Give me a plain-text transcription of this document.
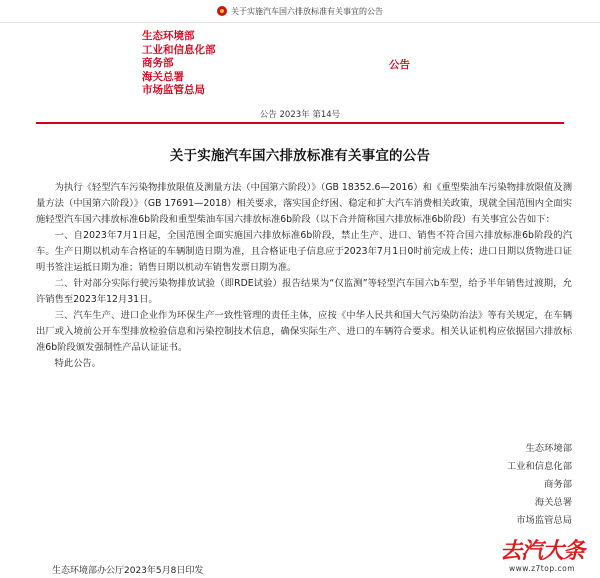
关于实施汽车国六排放标准有关事宜的公告
生态环境部
工业和信息化部
商务部
海关总署
市场监管总局
公告
公告 2023年 第14号
关于实施汽车国六排放标准有关事宜的公告

为执行《轻型汽车污染物排放限值及测量方法（中国第六阶段）》（GB 18352.6—2016）和《重型柴油车污染物排放限值及测量方法（中国第六阶段）》（GB 17691—2018）相关要求，落实国企纾困、稳定和扩大汽车消费相关政策，现就全国范围内全面实施轻型汽车国六排放标准6b阶段和重型柴油车国六排放标准6b阶段（以下合并简称国六排放标准6b阶段）有关事宜公告如下：

一、自2023年7月1日起，全国范围全面实施国六排放标准6b阶段，禁止生产、进口、销售不符合国六排放标准6b阶段的汽车。生产日期以机动车合格证的车辆制造日期为准，且合格证电子信息应于2023年7月1日0时前完成上传；进口日期以货物进口证明书签注运抵日期为准；销售日期以机动车销售发票日期为准。

二、针对部分实际行驶污染物排放试验（即RDE试验）报告结果为“仅监测”等轻型汽车国六b车型，给予半年销售过渡期，允许销售至2023年12月31日。

三、汽车生产、进口企业作为环保生产一致性管理的责任主体，应按《中华人民共和国大气污染防治法》等有关规定，在车辆出厂或入境前公开车型排放检验信息和污染控制技术信息，确保实际生产、进口的车辆符合要求。相关认证机构应依据国六排放标准6b阶段颁发强制性产品认证证书。

特此公告。

生态环境部
工业和信息化部
商务部
海关总署
市场监管总局
生态环境部办公厅2023年5月8日印发
去汽大条
www.z7top.com
